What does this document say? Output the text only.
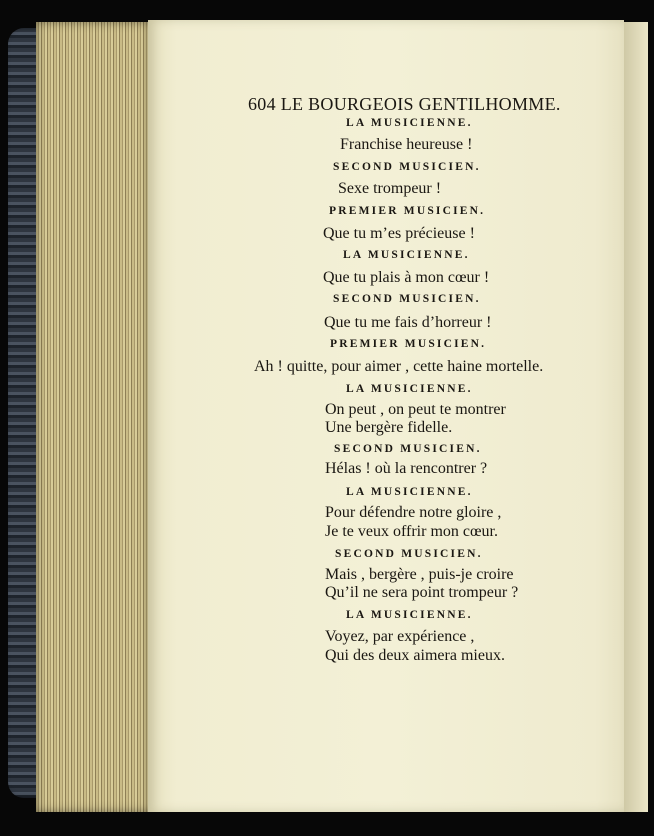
604 LE BOURGEOIS GENTILHOMME.
LA MUSICIENNE.
Franchise heureuse !
SECOND MUSICIEN.
Sexe trompeur !
PREMIER MUSICIEN.
Que tu m’es précieuse !
LA MUSICIENNE.
Que tu plais à mon cœur !
SECOND MUSICIEN.
Que tu me fais d’horreur !
PREMIER MUSICIEN.
Ah ! quitte, pour aimer , cette haine mortelle.
LA MUSICIENNE.
On peut , on peut te montrer
Une bergère fidelle.
SECOND MUSICIEN.
Hélas ! où la rencontrer ?
LA MUSICIENNE.
Pour défendre notre gloire ,
Je te veux offrir mon cœur.
SECOND MUSICIEN.
Mais , bergère , puis-je croire
Qu’il ne sera point trompeur ?
LA MUSICIENNE.
Voyez, par expérience ,
Qui des deux aimera mieux.
